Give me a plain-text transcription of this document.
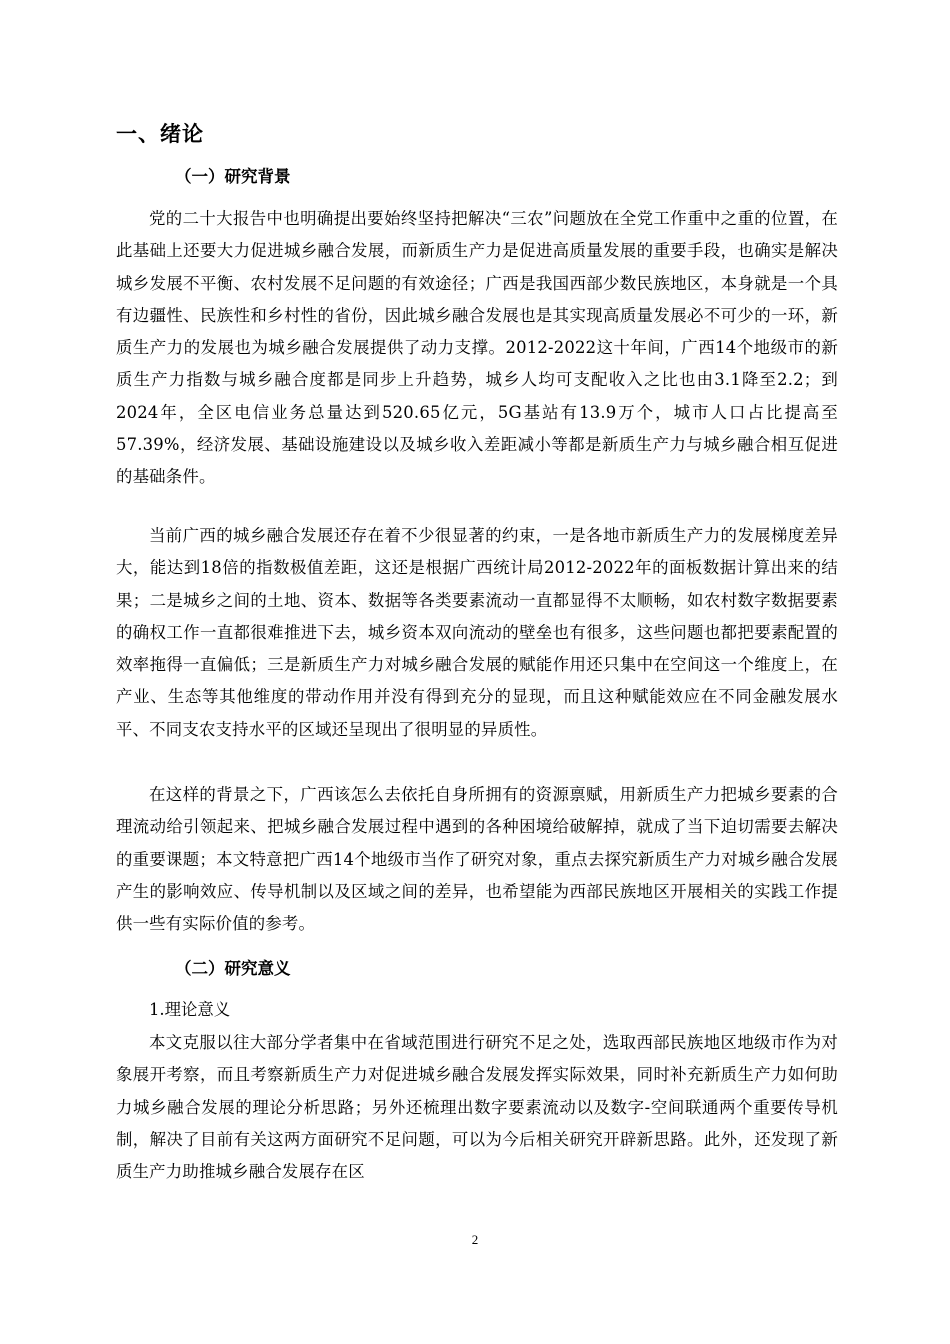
一、绪论
（一）研究背景

党的二十大报告中也明确提出要始终坚持把解决“三农”问题放在全党工作重中之重的位置，在此基础上还要大力促进城乡融合发展，而新质生产力是促进高质量发展的重要手段，也确实是解决城乡发展不平衡、农村发展不足问题的有效途径；广西是我国西部少数民族地区，本身就是一个具有边疆性、民族性和乡村性的省份，因此城乡融合发展也是其实现高质量发展必不可少的一环，新质生产力的发展也为城乡融合发展提供了动力支撑。2012-2022这十年间，广西14个地级市的新质生产力指数与城乡融合度都是同步上升趋势，城乡人均可支配收入之比也由3.1降至2.2；到2024年，全区电信业务总量达到520.65亿元，5G基站有13.9万个，城市人口占比提高至57.39%，经济发展、基础设施建设以及城乡收入差距减小等都是新质生产力与城乡融合相互促进的基础条件。

当前广西的城乡融合发展还存在着不少很显著的约束，一是各地市新质生产力的发展梯度差异大，能达到18倍的指数极值差距，这还是根据广西统计局2012-2022年的面板数据计算出来的结果；二是城乡之间的土地、资本、数据等各类要素流动一直都显得不太顺畅，如农村数字数据要素的确权工作一直都很难推进下去，城乡资本双向流动的壁垒也有很多，这些问题也都把要素配置的效率拖得一直偏低；三是新质生产力对城乡融合发展的赋能作用还只集中在空间这一个维度上，在产业、生态等其他维度的带动作用并没有得到充分的显现，而且这种赋能效应在不同金融发展水平、不同支农支持水平的区域还呈现出了很明显的异质性。

在这样的背景之下，广西该怎么去依托自身所拥有的资源禀赋，用新质生产力把城乡要素的合理流动给引领起来、把城乡融合发展过程中遇到的各种困境给破解掉，就成了当下迫切需要去解决的重要课题；本文特意把广西14个地级市当作了研究对象，重点去探究新质生产力对城乡融合发展产生的影响效应、传导机制以及区域之间的差异，也希望能为西部民族地区开展相关的实践工作提供一些有实际价值的参考。

（二）研究意义

1.理论意义

本文克服以往大部分学者集中在省域范围进行研究不足之处，选取西部民族地区地级市作为对象展开考察，而且考察新质生产力对促进城乡融合发展发挥实际效果，同时补充新质生产力如何助力城乡融合发展的理论分析思路；另外还梳理出数字要素流动以及数字-空间联通两个重要传导机制，解决了目前有关这两方面研究不足问题，可以为今后相关研究开辟新思路。此外，还发现了新质生产力助推城乡融合发展存在区

2
